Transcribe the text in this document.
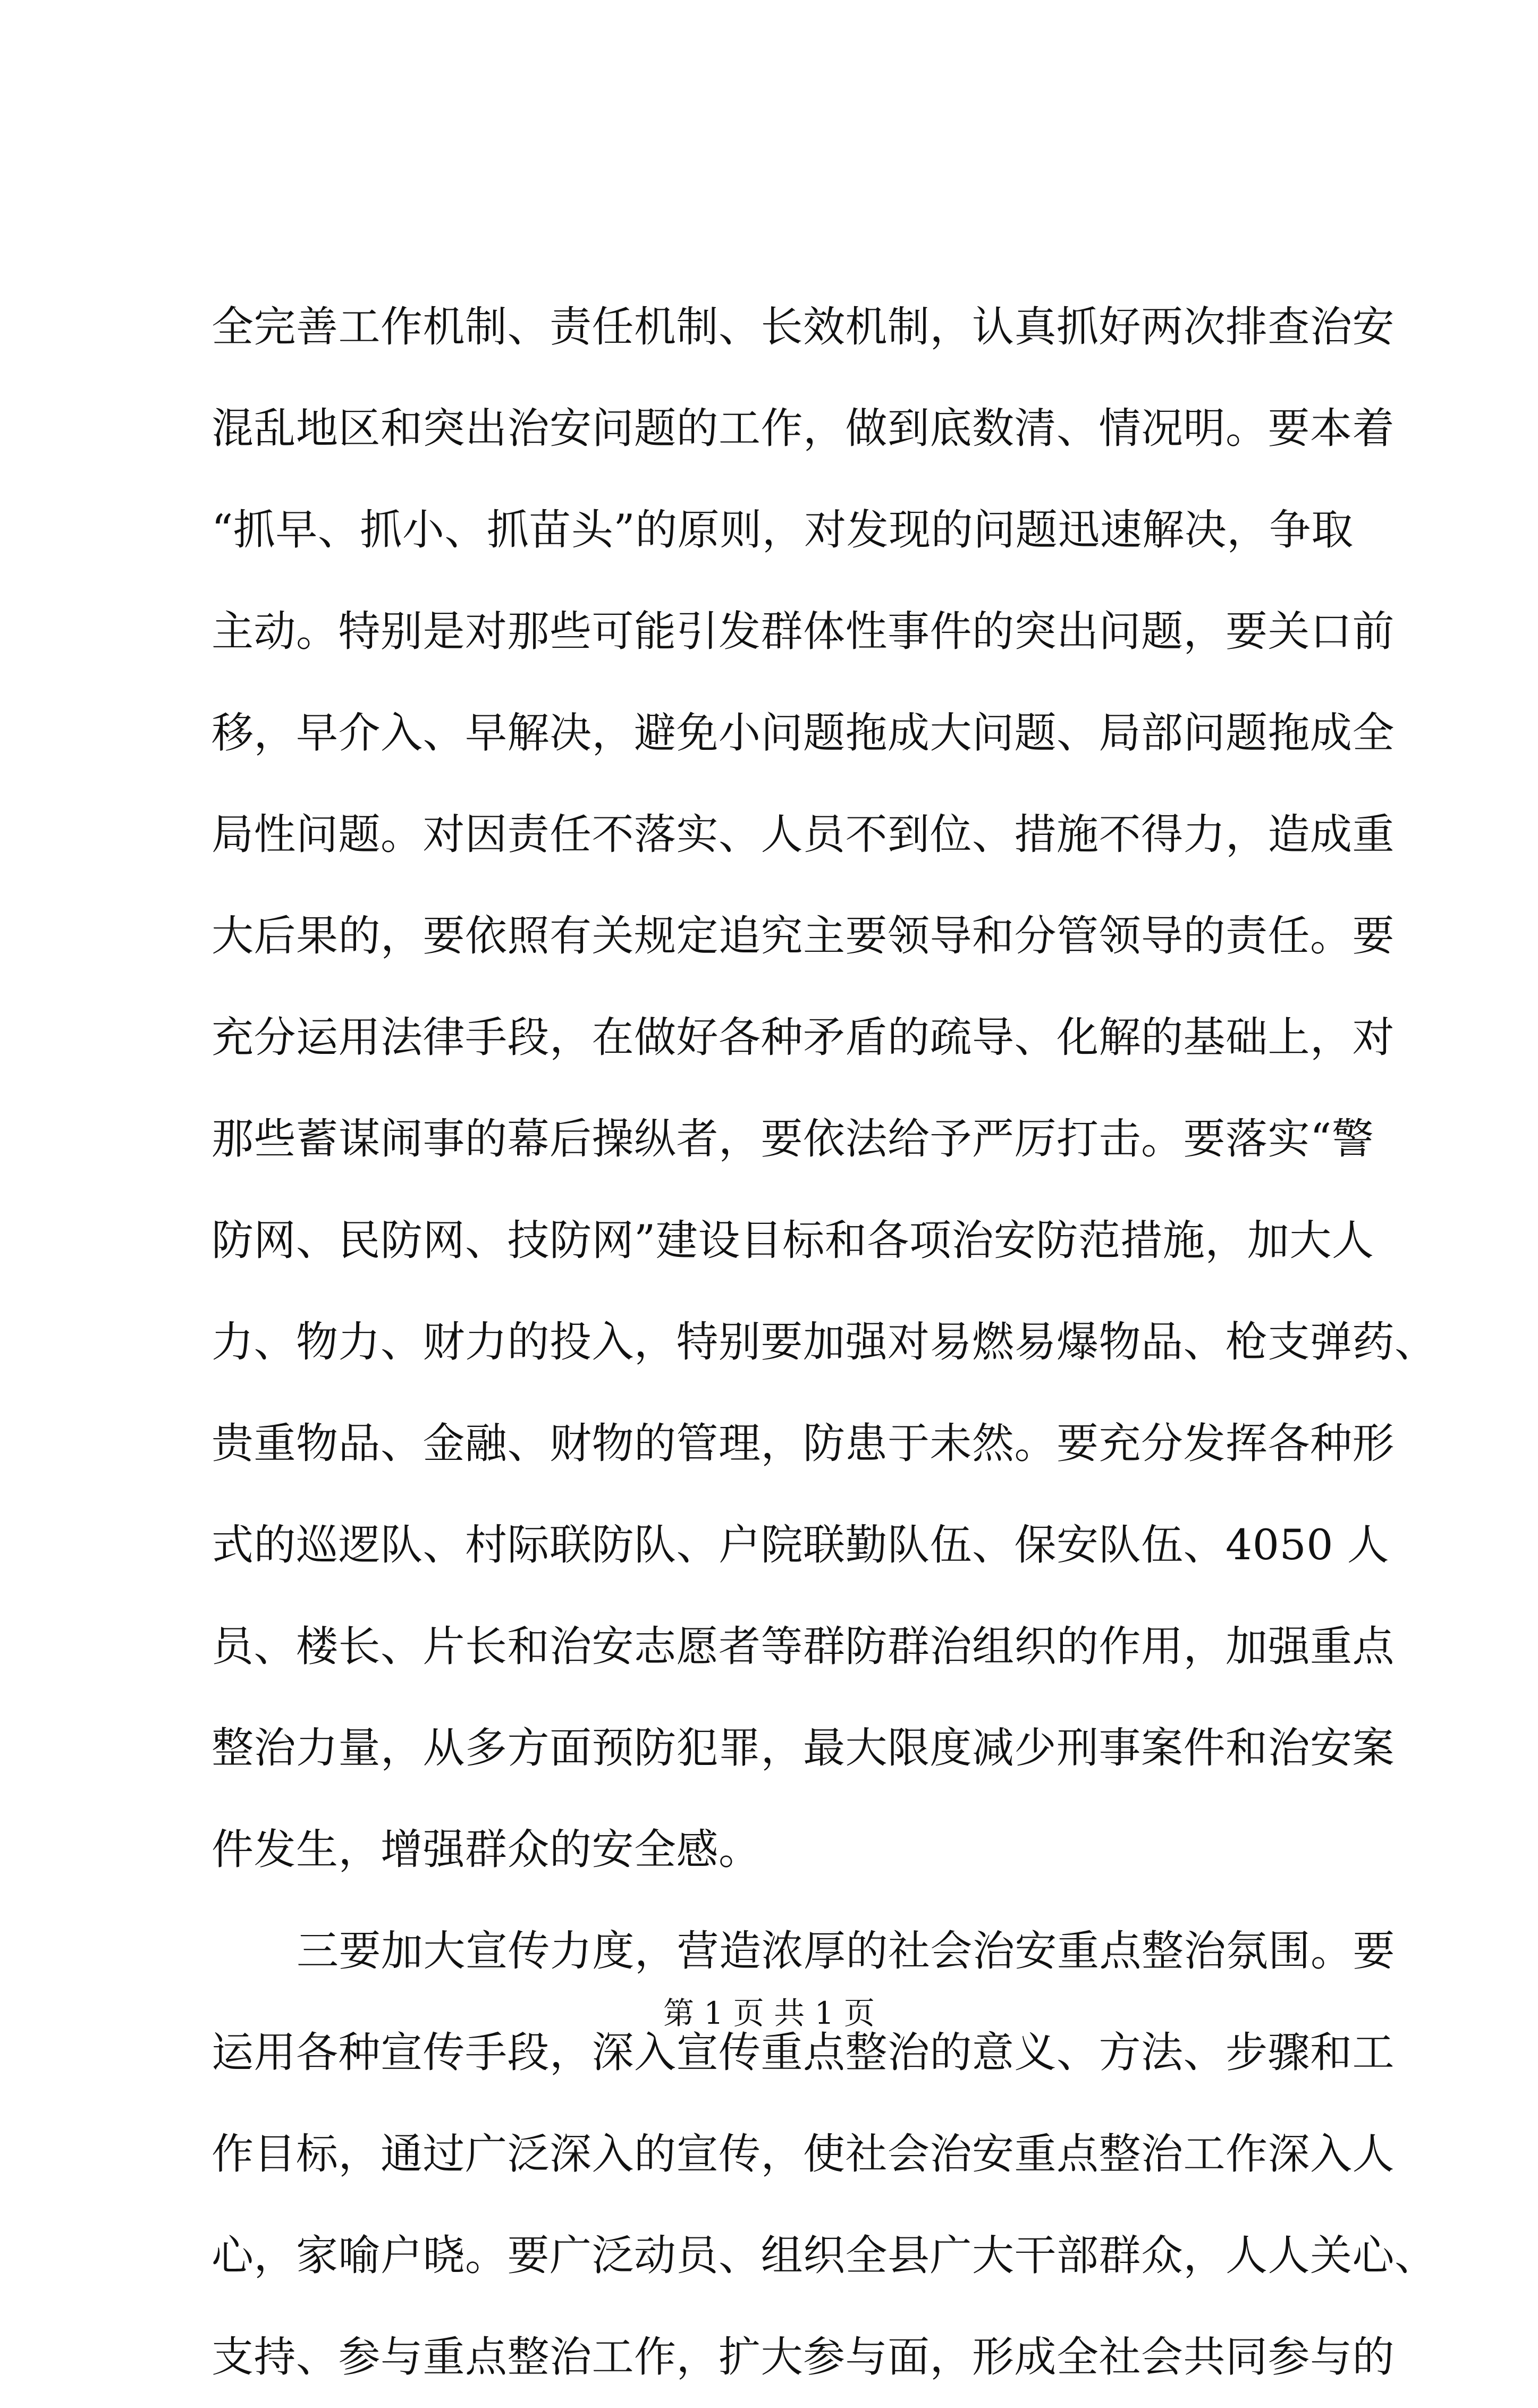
全完善工作机制、责任机制、长效机制，认真抓好两次排查治安
混乱地区和突出治安问题的工作，做到底数清、情况明。要本着
“抓早、抓小、抓苗头”的原则，对发现的问题迅速解决，争取
主动。特别是对那些可能引发群体性事件的突出问题，要关口前
移，早介入、早解决，避免小问题拖成大问题、局部问题拖成全
局性问题。对因责任不落实、人员不到位、措施不得力，造成重
大后果的，要依照有关规定追究主要领导和分管领导的责任。要
充分运用法律手段，在做好各种矛盾的疏导、化解的基础上，对
那些蓄谋闹事的幕后操纵者，要依法给予严厉打击。要落实“警
防网、民防网、技防网”建设目标和各项治安防范措施，加大人
力、物力、财力的投入，特别要加强对易燃易爆物品、枪支弹药、
贵重物品、金融、财物的管理，防患于未然。要充分发挥各种形
式的巡逻队、村际联防队、户院联勤队伍、保安队伍、4050 人
员、楼长、片长和治安志愿者等群防群治组织的作用，加强重点
整治力量，从多方面预防犯罪，最大限度减少刑事案件和治安案
件发生，增强群众的安全感。
三要加大宣传力度，营造浓厚的社会治安重点整治氛围。要
运用各种宣传手段，深入宣传重点整治的意义、方法、步骤和工
作目标，通过广泛深入的宣传，使社会治安重点整治工作深入人
心，家喻户晓。要广泛动员、组织全县广大干部群众，人人关心、
支持、参与重点整治工作，扩大参与面，形成全社会共同参与的
第 1 页 共 1 页
